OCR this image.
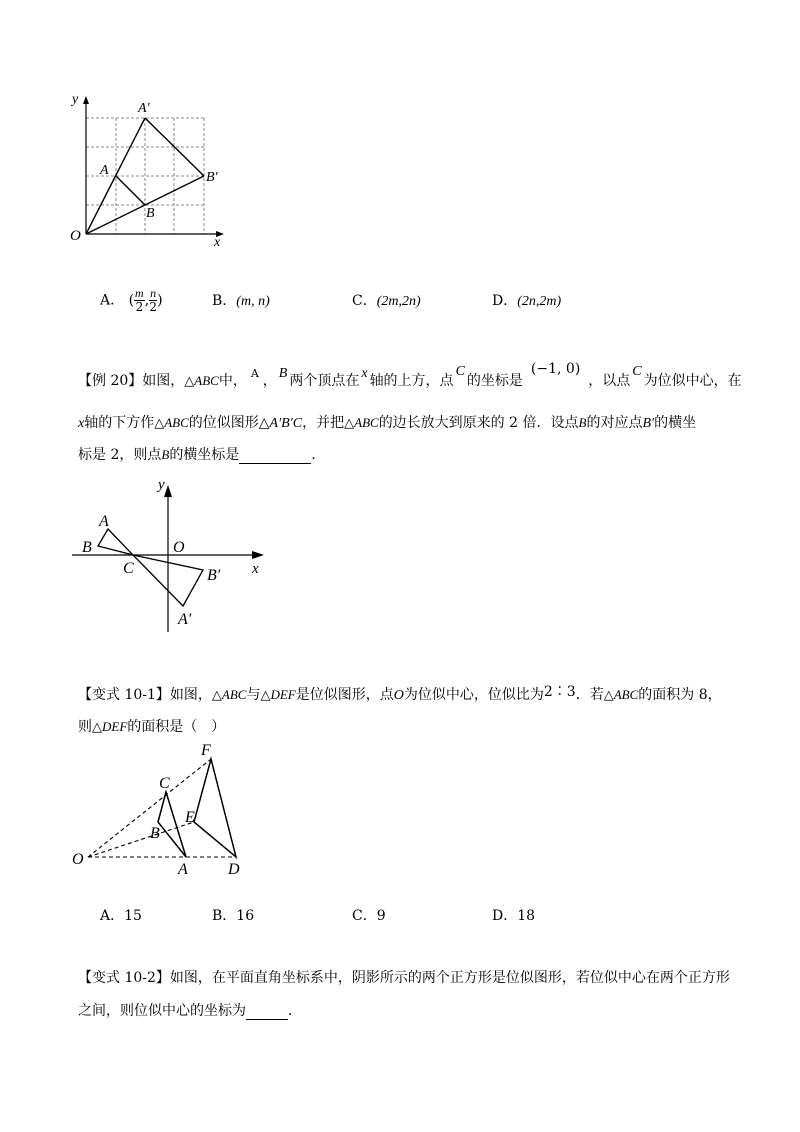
y
x
O
A
A′
B
B′
A． ( $\frac{m}{2}$ , $\frac{n}{2}$ )	B．(m, n)	C．(2m,2n)	D．(2n,2m)
【例 20】如图，△ABC中， $^A$ ， B 两个顶点在 x 轴的上方，点C的坐标是(−1, 0)，以点C为位似中心，在
x轴的下方作△ABC的位似图形△A′B′C，并把△ABC的边长放大到原来的 2 倍．设点B的对应点B′的横坐
标是 2，则点B的横坐标是	．
y
x
O
A
B
C	B′
A′
【变式 10-1】如图，△ABC与△DEF是位似图形，点O为位似中心，位似比为2∶3．若△ABC的面积为 8，
则△DEF的面积是（　）
F
C
E
B
O
A	D
A．15	B．16	C．9	D．18
【变式 10-2】如图，在平面直角坐标系中，阴影所示的两个正方形是位似图形，若位似中心在两个正方形
之间，则位似中心的坐标为	．
